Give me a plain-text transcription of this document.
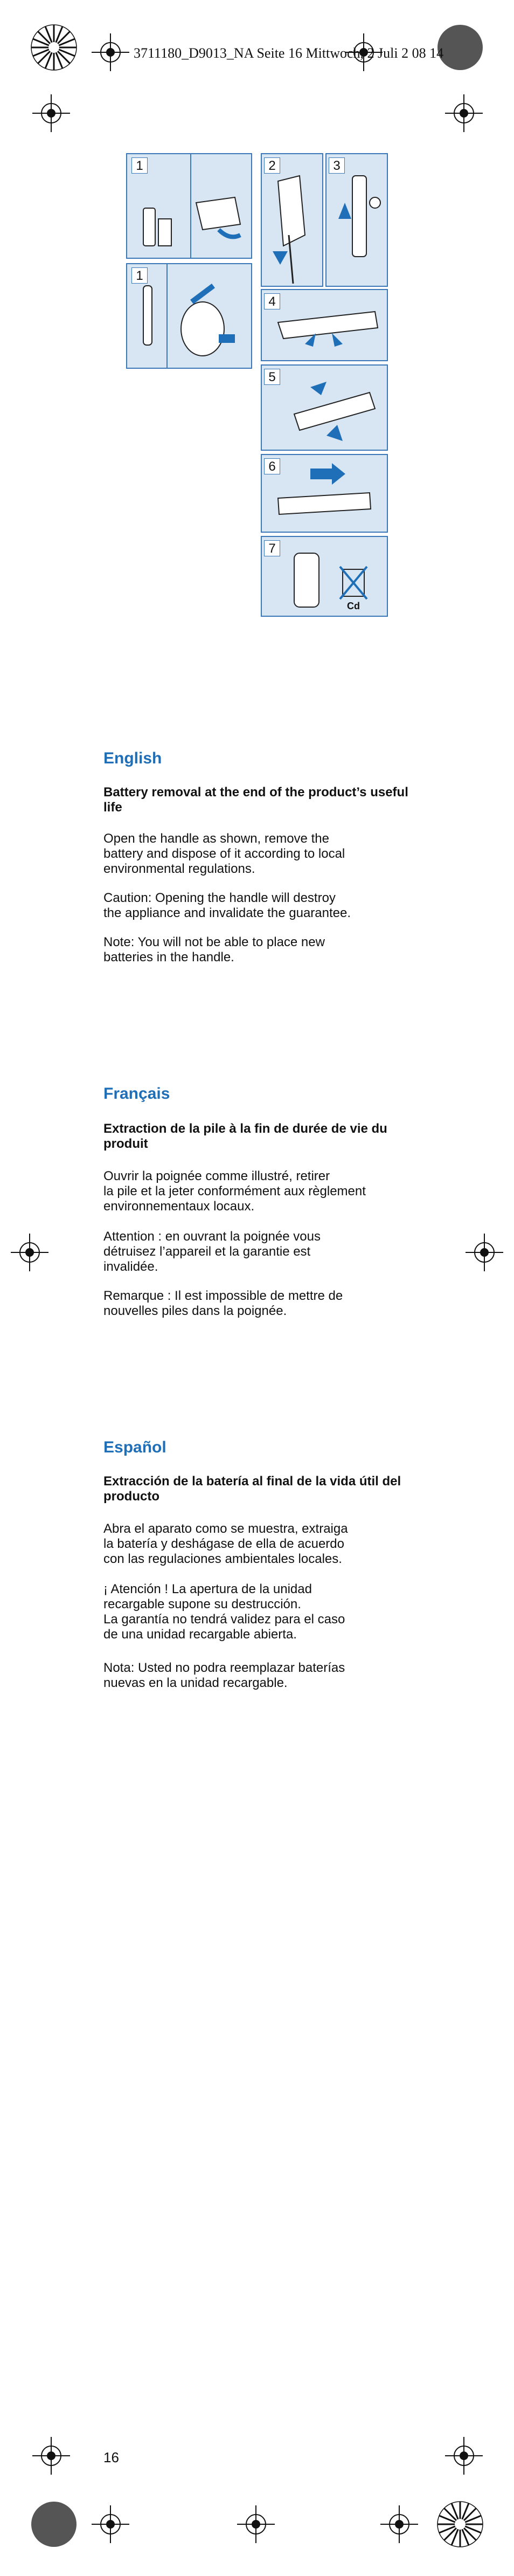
3711180_D9013_NA Seite 16 Mittwoch, 2 Juli 2 08 14
1
1
2	3
4
5
6
7
Cd
English
Battery removal at the end of the product’s useful life
Open the handle as shown, remove the
battery and dispose of it according to local
environmental regulations.
Caution: Opening the handle will destroy
the appliance and invalidate the guarantee.
Note: You will not be able to place new
batteries in the handle.
Français
Extraction de la pile à la fin de durée de vie du produit
Ouvrir la poignée comme illustré, retirer
la pile et la jeter conformément aux règlement
environnementaux locaux.
Attention : en ouvrant la poignée vous
détruisez l’appareil et la garantie est
invalidée.
Remarque : Il est impossible de mettre de
nouvelles piles dans la poignée.
Español
Extracción de la batería al final de la vida útil del producto
Abra el aparato como se muestra, extraiga
la batería y deshágase de ella de acuerdo
con las regulaciones ambientales locales.
¡ Atención ! La apertura de la unidad
recargable supone su destrucción.
La garantía no tendrá validez para el caso
de una unidad recargable abierta.
Nota: Usted no podra reemplazar baterías
nuevas en la unidad recargable.
16
